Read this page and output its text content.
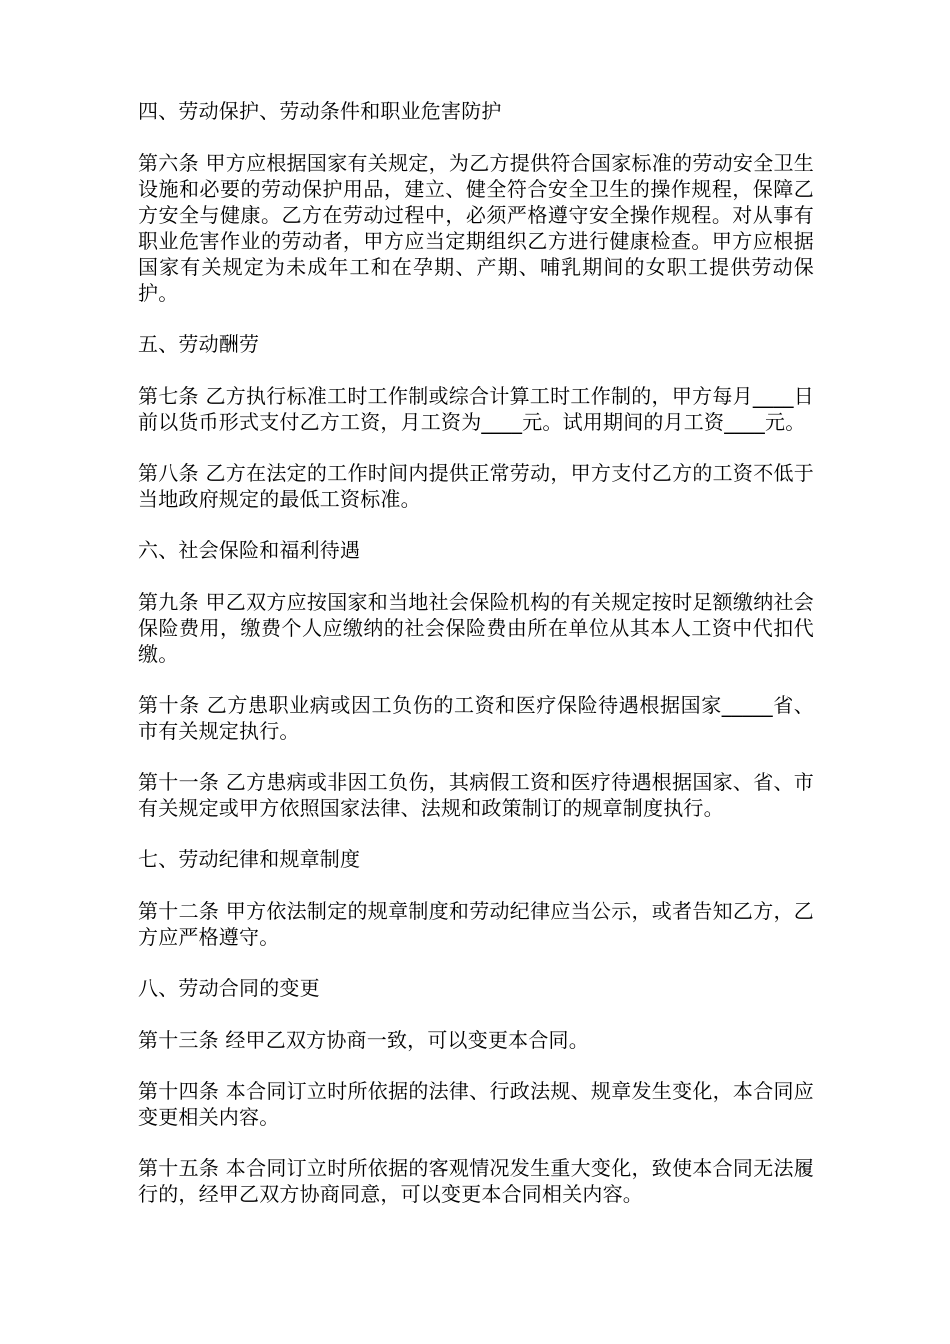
四、劳动保护、劳动条件和职业危害防护

第六条 甲方应根据国家有关规定，为乙方提供符合国家标准的劳动安全卫生设施和必要的劳动保护用品，建立、健全符合安全卫生的操作规程，保障乙方安全与健康。乙方在劳动过程中，必须严格遵守安全操作规程。对从事有职业危害作业的劳动者，甲方应当定期组织乙方进行健康检查。甲方应根据国家有关规定为未成年工和在孕期、产期、哺乳期间的女职工提供劳动保护。

五、劳动酬劳

第七条 乙方执行标准工时工作制或综合计算工时工作制的，甲方每月____日前以货币形式支付乙方工资，月工资为____元。试用期间的月工资____元。

第八条 乙方在法定的工作时间内提供正常劳动，甲方支付乙方的工资不低于当地政府规定的最低工资标准。

六、社会保险和福利待遇

第九条 甲乙双方应按国家和当地社会保险机构的有关规定按时足额缴纳社会保险费用，缴费个人应缴纳的社会保险费由所在单位从其本人工资中代扣代缴。

第十条 乙方患职业病或因工负伤的工资和医疗保险待遇根据国家_____省、市有关规定执行。

第十一条 乙方患病或非因工负伤，其病假工资和医疗待遇根据国家、省、市有关规定或甲方依照国家法律、法规和政策制订的规章制度执行。

七、劳动纪律和规章制度

第十二条 甲方依法制定的规章制度和劳动纪律应当公示，或者告知乙方，乙方应严格遵守。

八、劳动合同的变更

第十三条 经甲乙双方协商一致，可以变更本合同。

第十四条 本合同订立时所依据的法律、行政法规、规章发生变化，本合同应变更相关内容。

第十五条 本合同订立时所依据的客观情况发生重大变化，致使本合同无法履行的，经甲乙双方协商同意，可以变更本合同相关内容。
